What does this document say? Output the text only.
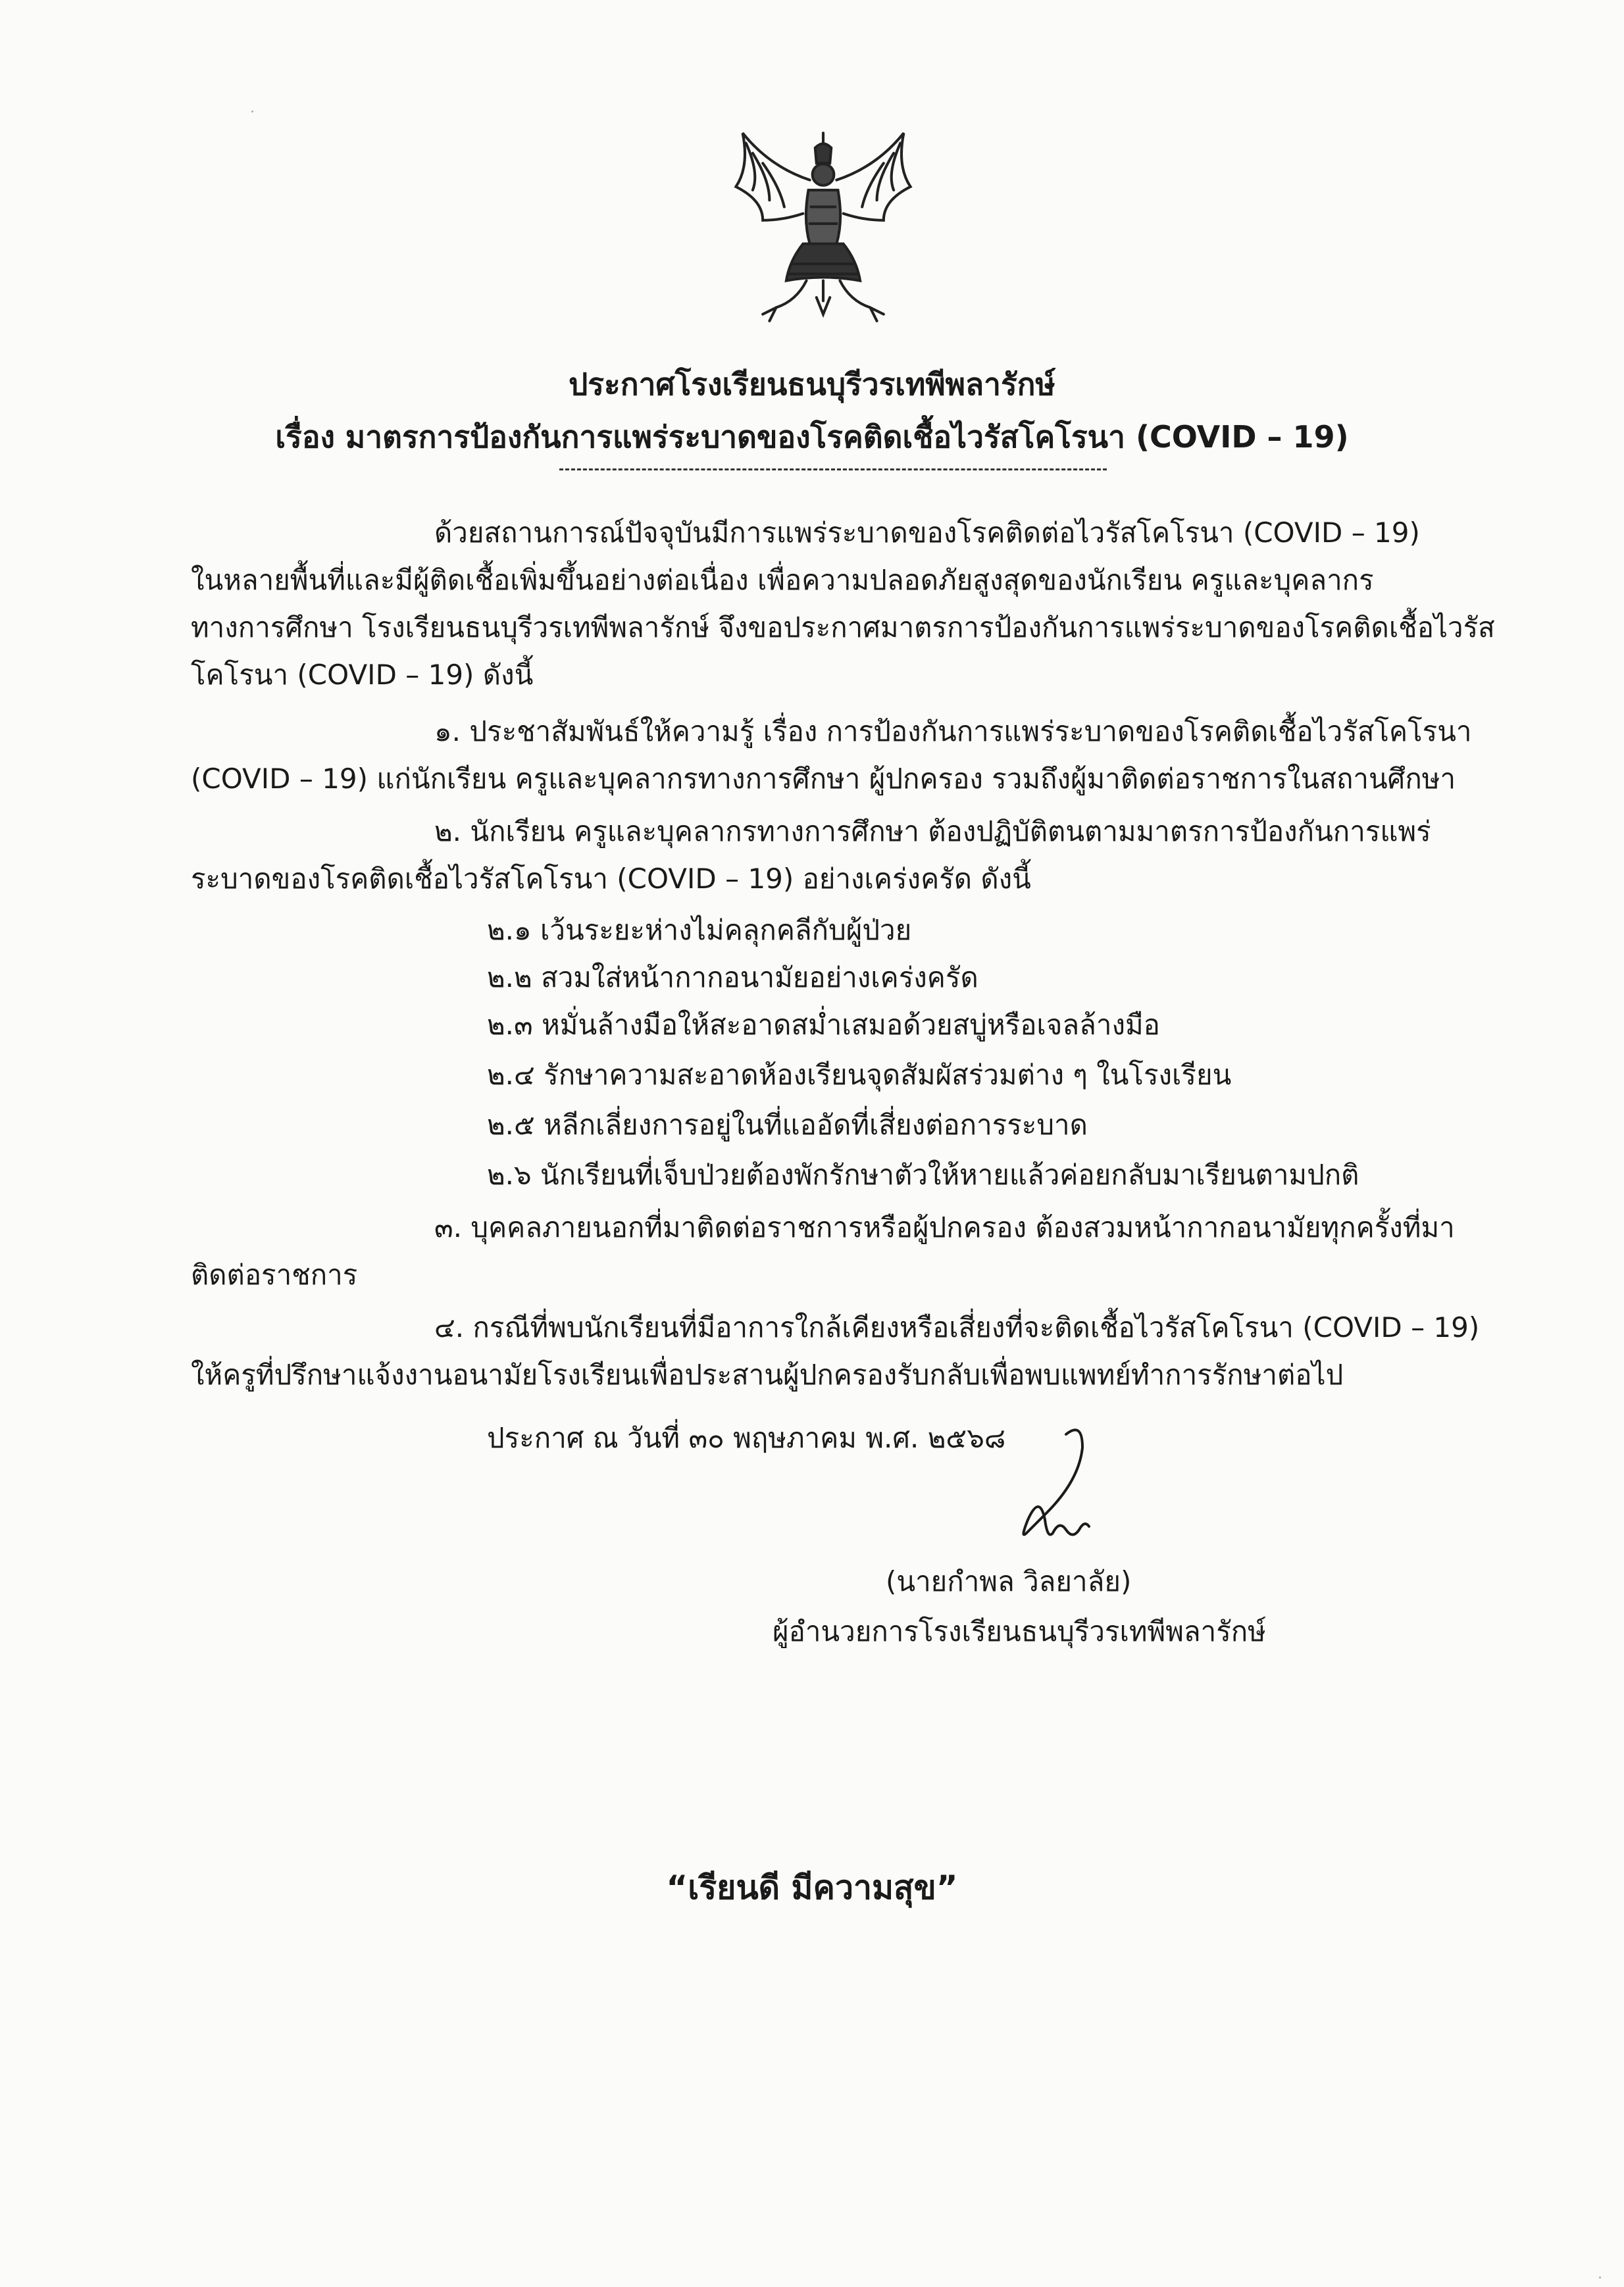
ประกาศโรงเรียนธนบุรีวรเทพีพลารักษ์
เรื่อง มาตรการป้องกันการแพร่ระบาดของโรคติดเชื้อไวรัสโคโรนา (COVID – 19)
ด้วยสถานการณ์ปัจจุบันมีการแพร่ระบาดของโรคติดต่อไวรัสโคโรนา (COVID – 19)
ในหลายพื้นที่และมีผู้ติดเชื้อเพิ่มขึ้นอย่างต่อเนื่อง เพื่อความปลอดภัยสูงสุดของนักเรียน ครูและบุคลากร
ทางการศึกษา โรงเรียนธนบุรีวรเทพีพลารักษ์ จึงขอประกาศมาตรการป้องกันการแพร่ระบาดของโรคติดเชื้อไวรัส
โคโรนา (COVID – 19) ดังนี้
๑. ประชาสัมพันธ์ให้ความรู้ เรื่อง การป้องกันการแพร่ระบาดของโรคติดเชื้อไวรัสโคโรนา
(COVID – 19) แก่นักเรียน ครูและบุคลากรทางการศึกษา ผู้ปกครอง รวมถึงผู้มาติดต่อราชการในสถานศึกษา
๒. นักเรียน ครูและบุคลากรทางการศึกษา ต้องปฏิบัติตนตามมาตรการป้องกันการแพร่
ระบาดของโรคติดเชื้อไวรัสโคโรนา (COVID – 19) อย่างเคร่งครัด ดังนี้
๒.๑ เว้นระยะห่างไม่คลุกคลีกับผู้ป่วย
๒.๒ สวมใส่หน้ากากอนามัยอย่างเคร่งครัด
๒.๓ หมั่นล้างมือให้สะอาดสม่ำเสมอด้วยสบู่หรือเจลล้างมือ
๒.๔ รักษาความสะอาดห้องเรียนจุดสัมผัสร่วมต่าง ๆ ในโรงเรียน
๒.๕ หลีกเลี่ยงการอยู่ในที่แออัดที่เสี่ยงต่อการระบาด
๒.๖ นักเรียนที่เจ็บป่วยต้องพักรักษาตัวให้หายแล้วค่อยกลับมาเรียนตามปกติ
๓. บุคคลภายนอกที่มาติดต่อราชการหรือผู้ปกครอง ต้องสวมหน้ากากอนามัยทุกครั้งที่มา
ติดต่อราชการ
๔. กรณีที่พบนักเรียนที่มีอาการใกล้เคียงหรือเสี่ยงที่จะติดเชื้อไวรัสโคโรนา (COVID – 19)
ให้ครูที่ปรึกษาแจ้งงานอนามัยโรงเรียนเพื่อประสานผู้ปกครองรับกลับเพื่อพบแพทย์ทำการรักษาต่อไป
ประกาศ ณ วันที่ ๓๐ พฤษภาคม พ.ศ. ๒๕๖๘
(นายกำพล วิลยาลัย)
ผู้อำนวยการโรงเรียนธนบุรีวรเทพีพลารักษ์
“เรียนดี มีความสุข”
